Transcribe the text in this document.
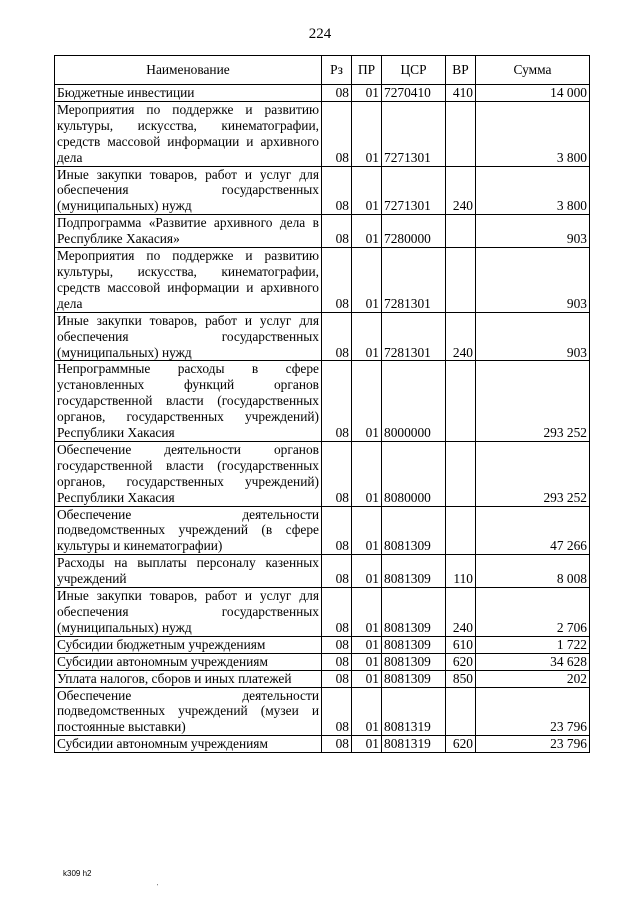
224
Наименование	Рз	ПР	ЦСР	ВР	Сумма
Бюджетные инвестиции	08	01	7270410	410	14 000
Мероприятия по поддержке и развитию культуры, искусства, кинематографии, средств массовой информации и архивного дела	08	01	7271301		3 800
Иные закупки товаров, работ и услуг для обеспечения государственных (муниципальных) нужд	08	01	7271301	240	3 800
Подпрограмма «Развитие архивного дела в Республике Хакасия»	08	01	7280000		903
Мероприятия по поддержке и развитию культуры, искусства, кинематографии, средств массовой информации и архивного дела	08	01	7281301		903
Иные закупки товаров, работ и услуг для обеспечения государственных (муниципальных) нужд	08	01	7281301	240	903
Непрограммные расходы в сфере установленных функций органов государственной власти (государственных органов, государственных учреждений) Республики Хакасия	08	01	8000000		293 252
Обеспечение деятельности органов государственной власти (государственных органов, государственных учреждений) Республики Хакасия	08	01	8080000		293 252
Обеспечение деятельности подведомственных учреждений (в сфере культуры и кинематографии)	08	01	8081309		47 266
Расходы на выплаты персоналу казенных учреждений	08	01	8081309	110	8 008
Иные закупки товаров, работ и услуг для обеспечения государственных (муниципальных) нужд	08	01	8081309	240	2 706
Субсидии бюджетным учреждениям	08	01	8081309	610	1 722
Субсидии автономным учреждениям	08	01	8081309	620	34 628
Уплата налогов, сборов и иных платежей	08	01	8081309	850	202
Обеспечение деятельности подведомственных учреждений (музеи и постоянные выставки)	08	01	8081319		23 796
Субсидии автономным учреждениям	08	01	8081319	620	23 796
k309 h2
'
